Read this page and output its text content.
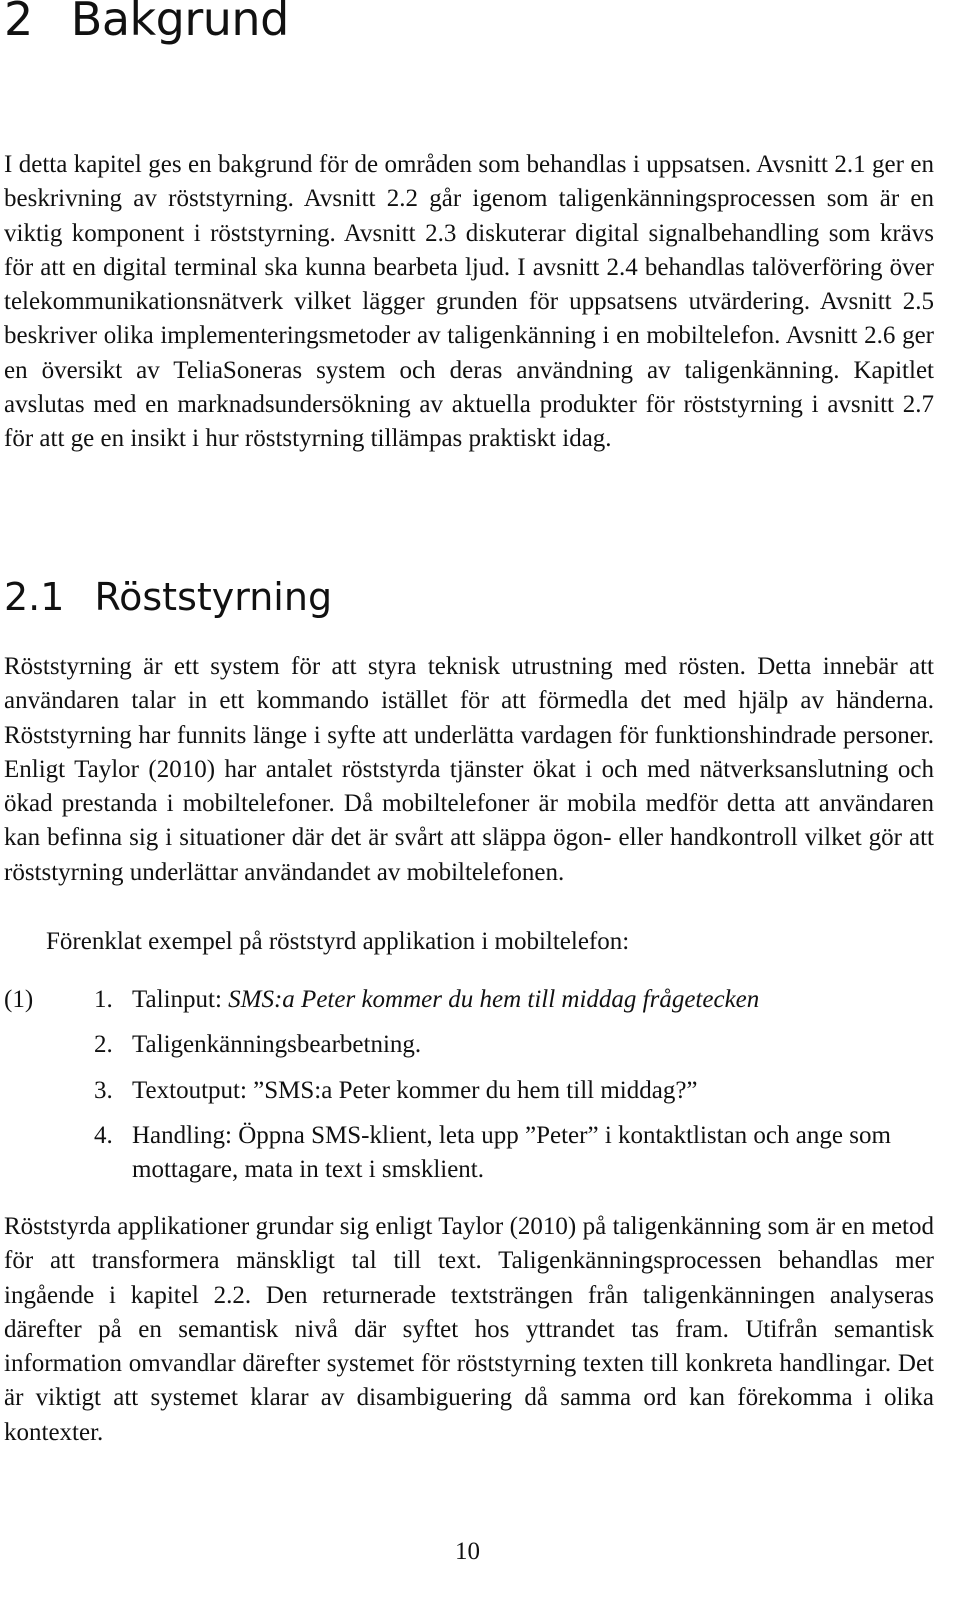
2 Bakgrund

I detta kapitel ges en bakgrund för de områden som behandlas i uppsatsen. Avsnitt 2.1 ger en beskrivning av röststyrning. Avsnitt 2.2 går igenom taligenkänningsprocessen som är en viktig komponent i röststyrning. Avsnitt 2.3 diskuterar digital signalbehandling som krävs för att en digital terminal ska kunna bearbeta ljud. I avsnitt 2.4 behandlas talöverföring över telekommunikationsnätverk vilket lägger grunden för uppsatsens utvärdering. Avsnitt 2.5 beskriver olika implementeringsmetoder av taligenkänning i en mobiltelefon. Avsnitt 2.6 ger en översikt av TeliaSoneras system och deras användning av taligenkänning. Kapitlet avslutas med en marknadsundersökning av aktuella produkter för röststyrning i avsnitt 2.7 för att ge en insikt i hur röststyrning tillämpas praktiskt idag.

2.1 Röststyrning

Röststyrning är ett system för att styra teknisk utrustning med rösten. Detta innebär att användaren talar in ett kommando istället för att förmedla det med hjälp av händerna. Röststyrning har funnits länge i syfte att underlätta vardagen för funktionshindrade personer. Enligt Taylor (2010) har antalet röststyrda tjänster ökat i och med nätverksanslutning och ökad prestanda i mobiltelefoner. Då mobiltelefoner är mobila medför detta att användaren kan befinna sig i situationer där det är svårt att släppa ögon- eller handkontroll vilket gör att röststyrning underlättar användandet av mobiltelefonen.

Förenklat exempel på röststyrd applikation i mobiltelefon:

(1) 1. Talinput: SMS:a Peter kommer du hem till middag frågetecken
2. Taligenkänningsbearbetning.
3. Textoutput: ”SMS:a Peter kommer du hem till middag?”
4. Handling: Öppna SMS-klient, leta upp ”Peter” i kontaktlistan och ange som mottagare, mata in text i smsklient.

Röststyrda applikationer grundar sig enligt Taylor (2010) på taligenkänning som är en metod för att transformera mänskligt tal till text. Taligenkänningsprocessen behandlas mer ingående i kapitel 2.2. Den returnerade textsträngen från taligenkänningen analyseras därefter på en semantisk nivå där syftet hos yttrandet tas fram. Utifrån semantisk information omvandlar därefter systemet för röststyrning texten till konkreta handlingar. Det är viktigt att systemet klarar av disambiguering då samma ord kan förekomma i olika kontexter.

10
